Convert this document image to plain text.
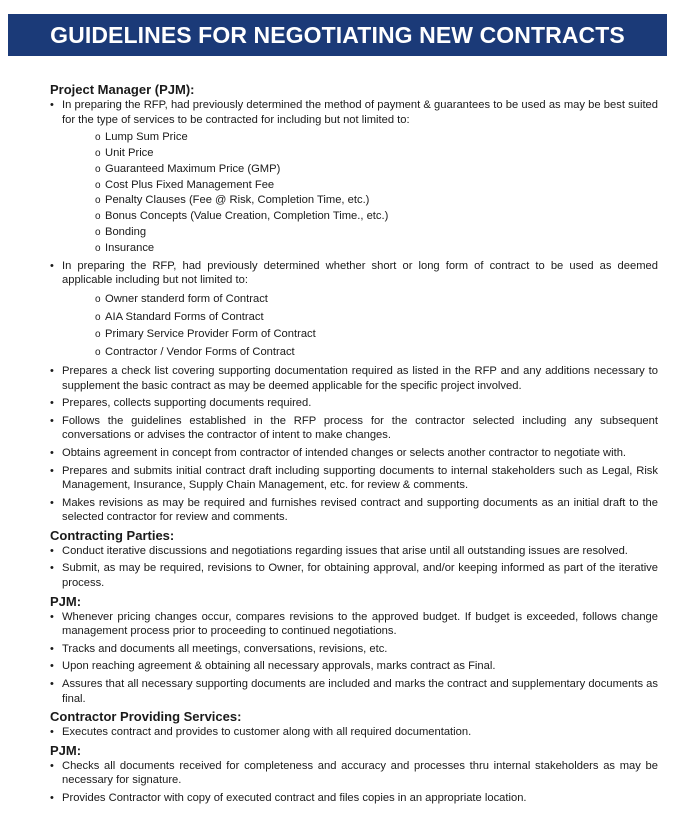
GUIDELINES FOR NEGOTIATING NEW CONTRACTS
Project Manager (PJM):
• In preparing the RFP, had previously determined the method of payment & guarantees to be used as may be best suited for the type of services to be contracted for including but not limited to:
o Lump Sum Price
o Unit Price
o Guaranteed Maximum Price (GMP)
o Cost Plus Fixed Management Fee
o Penalty Clauses (Fee @ Risk, Completion Time, etc.)
o Bonus Concepts (Value Creation, Completion Time., etc.)
o Bonding
o Insurance
• In preparing the RFP, had previously determined whether short or long form of contract to be used as deemed applicable including but not limited to:
o Owner standerd form of Contract
o AIA Standard Forms of Contract
o Primary Service Provider Form of Contract
o Contractor / Vendor Forms of Contract
• Prepares a check list covering supporting documentation required as listed in the RFP and any additions necessary to supplement the basic contract as may be deemed applicable for the specific project involved.
• Prepares, collects supporting documents required.
• Follows the guidelines established in the RFP process for the contractor selected including any subsequent conversations or advises the contractor of intent to make changes.
• Obtains agreement in concept from contractor of intended changes or selects another contractor to negotiate with.
• Prepares and submits initial contract draft including supporting documents to internal stakeholders such as Legal, Risk Management, Insurance, Supply Chain Management, etc. for review & comments.
• Makes revisions as may be required and furnishes revised contract and supporting documents as an initial draft to the selected contractor for review and comments.
Contracting Parties:
• Conduct iterative discussions and negotiations regarding issues that arise until all outstanding issues are resolved.
• Submit, as may be required, revisions to Owner, for obtaining approval, and/or keeping informed as part of the iterative process.
PJM:
• Whenever pricing changes occur, compares revisions to the approved budget. If budget is exceeded, follows change management process prior to proceeding to continued negotiations.
• Tracks and documents all meetings, conversations, revisions, etc.
• Upon reaching agreement & obtaining all necessary approvals, marks contract as Final.
• Assures that all necessary supporting documents are included and marks the contract and supplementary documents as final.
Contractor Providing Services:
• Executes contract and provides to customer along with all required documentation.
PJM:
• Checks all documents received for completeness and accuracy and processes thru internal stakeholders as may be necessary for signature.
• Provides Contractor with copy of executed contract and files copies in an appropriate location.
